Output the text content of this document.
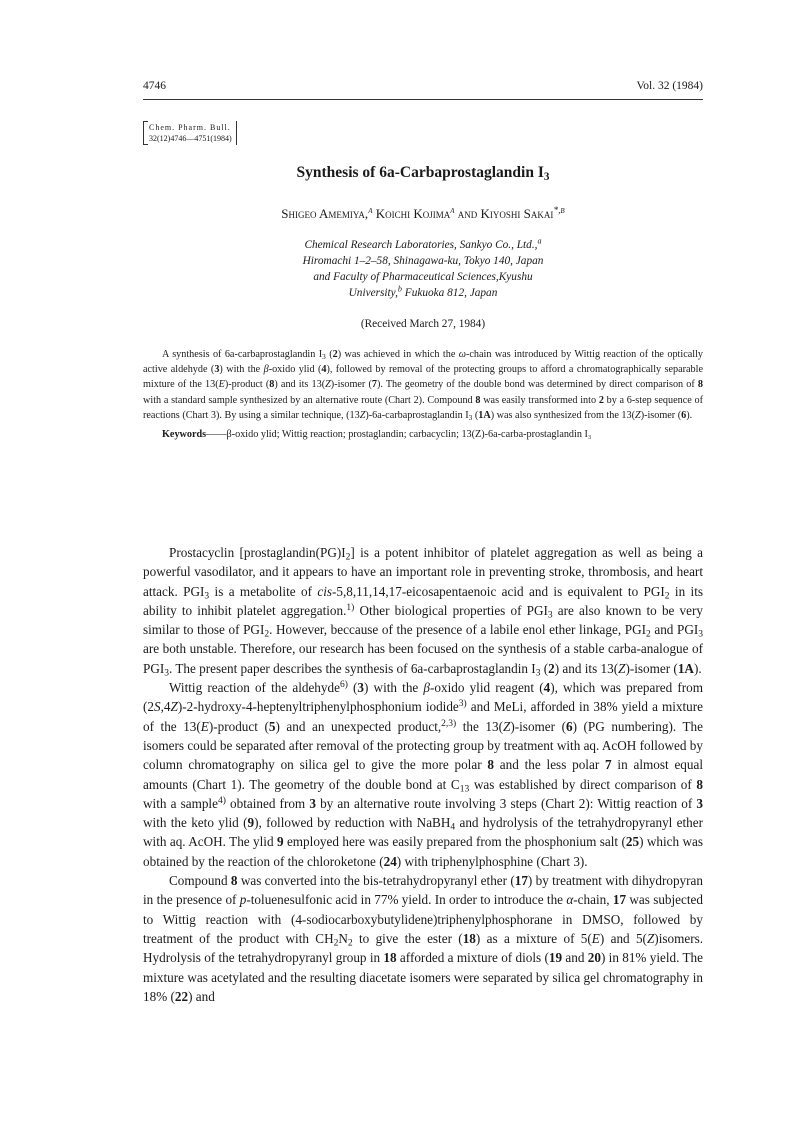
4746	Vol. 32 (1984)
Chem. Pharm. Bull.
32(12)4746—4751(1984)
Synthesis of 6a-Carbaprostaglandin $I_3$
Shigeo Amemiya,$^a$ Koichi Kojima$^a$ and Kiyoshi Sakai$^{*,b}$
Chemical Research Laboratories, Sankyo Co., Ltd.,$^a$
Hiromachi 1–2–58, Shinagawa-ku, Tokyo 140, Japan
and Faculty of Pharmaceutical Sciences,Kyushu
University,$^b$ Fukuoka 812, Japan
(Received March 27, 1984)

A synthesis of 6a-carbaprostaglandin $I_3$ (2) was achieved in which the ω-chain was introduced by Wittig reaction of the optically active aldehyde (3) with the β-oxido ylid (4), followed by removal of the protecting groups to afford a chromatographically separable mixture of the 13(E)-product (8) and its 13(Z)-isomer (7). The geometry of the double bond was determined by direct comparison of 8 with a standard sample synthesized by an alternative route (Chart 2). Compound 8 was easily transformed into 2 by a 6-step sequence of reactions (Chart 3). By using a similar technique, (13Z)-6a-carbaprostaglandin $I_3$ (1A) was also synthesized from the 13(Z)-isomer (6).

Keywords——β-oxido ylid; Wittig reaction; prostaglandin; carbacyclin; 13(Z)-6a-carba-prostaglandin I₃

Prostacyclin $[prostaglandin(PG)I_2]$ is a potent inhibitor of platelet aggregation as well as being a powerful vasodilator, and it appears to have an important role in preventing stroke, thrombosis, and heart attack. $PGI_3$ is a metabolite of cis-5,8,11,14,17-eicosapentaenoic acid and is equivalent to $PGI_2$ in its ability to inhibit platelet aggregation.$^{1)}$ Other biological properties of $PGI_3$ are also known to be very similar to those of $PGI_2$. However, beccause of the presence of a labile enol ether linkage, $PGI_2$ and $PGI_3$ are both unstable. Therefore, our research has been focused on the synthesis of a stable carba-analogue of $PGI_3$. The present paper describes the synthesis of 6a-carbaprostaglandin $I_3$ (2) and its 13(Z)-isomer (1A).

Wittig reaction of the aldehyde$^{6)}$ (3) with the β-oxido ylid reagent (4), which was prepared from (2S,4Z)-2-hydroxy-4-heptenyltriphenylphosphonium iodide$^{3)}$ and MeLi, afforded in 38% yield a mixture of the 13(E)-product (5) and an unexpected product,$^{2,3)}$ the 13(Z)-isomer (6) (PG numbering). The isomers could be separated after removal of the protecting group by treatment with aq. AcOH followed by column chromatography on silica gel to give the more polar 8 and the less polar 7 in almost equal amounts (Chart 1). The geometry of the double bond at $C_{13}$ was established by direct comparison of 8 with a sample$^{4)}$ obtained from 3 by an alternative route involving 3 steps (Chart 2): Wittig reaction of 3 with the keto ylid (9), followed by reduction with NaBH$_4$ and hydrolysis of the tetrahydropyranyl ether with aq. AcOH. The ylid 9 employed here was easily prepared from the phosphonium salt (25) which was obtained by the reaction of the chloroketone (24) with triphenylphosphine (Chart 3).

Compound 8 was converted into the bis-tetrahydropyranyl ether (17) by treatment with dihydropyran in the presence of p-toluenesulfonic acid in 77% yield. In order to introduce the α-chain, 17 was subjected to Wittig reaction with (4-sodiocarboxybutylidene)triphenylphosphorane in DMSO, followed by treatment of the product with $CH_2N_2$ to give the ester (18) as a mixture of 5(E) and 5(Z)isomers. Hydrolysis of the tetrahydropyranyl group in 18 afforded a mixture of diols (19 and 20) in 81% yield. The mixture was acetylated and the resulting diacetate isomers were separated by silica gel chromatography in 18% (22) and
